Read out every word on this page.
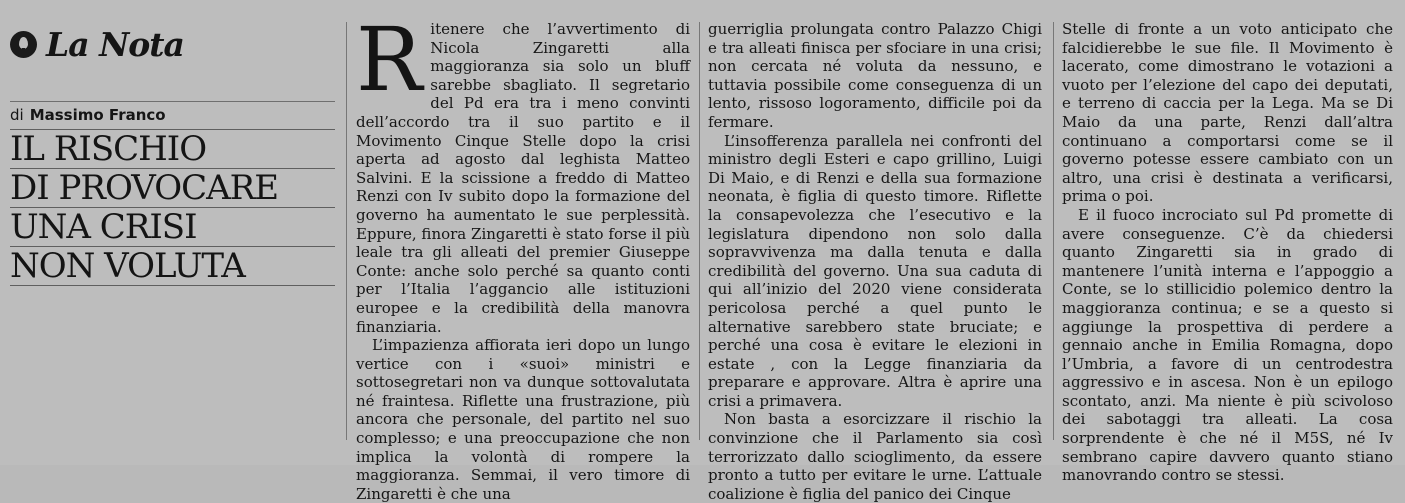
La Nota
di Massimo Franco
IL RISCHIO
DI PROVOCARE
UNA CRISI
NON VOLUTA

Ritenere che l’avvertimento di Nicola Zingaretti alla maggioranza sia solo un bluff sarebbe sbagliato. Il segretario del Pd era tra i meno convinti dell’accordo tra il suo partito e il Movimento Cinque Stelle dopo la crisi aperta ad agosto dal leghista Matteo Salvini. E la scissione a freddo di Matteo Renzi con Iv subito dopo la formazione del governo ha aumentato le sue perplessità. Eppure, finora Zingaretti è stato forse il più leale tra gli alleati del premier Giuseppe Conte: anche solo perché sa quanto conti per l’Italia l’aggancio alle istituzioni europee e la credibilità della manovra finanziaria.

L’impazienza affiorata ieri dopo un lungo vertice con i «suoi» ministri e sottosegretari non va dunque sottovalutata né fraintesa. Riflette una frustrazione, più ancora che personale, del partito nel suo complesso; e una preoccupazione che non implica la volontà di rompere la maggioranza. Semmai, il vero timore di Zingaretti è che una

guerriglia prolungata contro Palazzo Chigi e tra alleati finisca per sfociare in una crisi; non cercata né voluta da nessuno, e tuttavia possibile come conseguenza di un lento, rissoso logoramento, difficile poi da fermare.

L’insofferenza parallela nei confronti del ministro degli Esteri e capo grillino, Luigi Di Maio, e di Renzi e della sua formazione neonata, è figlia di questo timore. Riflette la consapevolezza che l’esecutivo e la legislatura dipendono non solo dalla sopravvivenza ma dalla tenuta e dalla credibilità del governo. Una sua caduta di qui all’inizio del 2020 viene considerata pericolosa perché a quel punto le alternative sarebbero state bruciate; e perché una cosa è evitare le elezioni in estate , con la Legge finanziaria da preparare e approvare. Altra è aprire una crisi a primavera.

Non basta a esorcizzare il rischio la convinzione che il Parlamento sia così terrorizzato dallo scioglimento, da essere pronto a tutto per evitare le urne. L’attuale coalizione è figlia del panico dei Cinque

Stelle di fronte a un voto anticipato che falcidierebbe le sue file. Il Movimento è lacerato, come dimostrano le votazioni a vuoto per l’elezione del capo dei deputati, e terreno di caccia per la Lega. Ma se Di Maio da una parte, Renzi dall’altra continuano a comportarsi come se il governo potesse essere cambiato con un altro, una crisi è destinata a verificarsi, prima o poi.

E il fuoco incrociato sul Pd promette di avere conseguenze. C’è da chiedersi quanto Zingaretti sia in grado di mantenere l’unità interna e l’appoggio a Conte, se lo stillicidio polemico dentro la maggioranza continua; e se a questo si aggiunge la prospettiva di perdere a gennaio anche in Emilia Romagna, dopo l’Umbria, a favore di un centrodestra aggressivo e in ascesa. Non è un epilogo scontato, anzi. Ma niente è più scivoloso dei sabotaggi tra alleati. La cosa sorprendente è che né il M5S, né Iv sembrano capire davvero quanto stiano manovrando contro se stessi.
